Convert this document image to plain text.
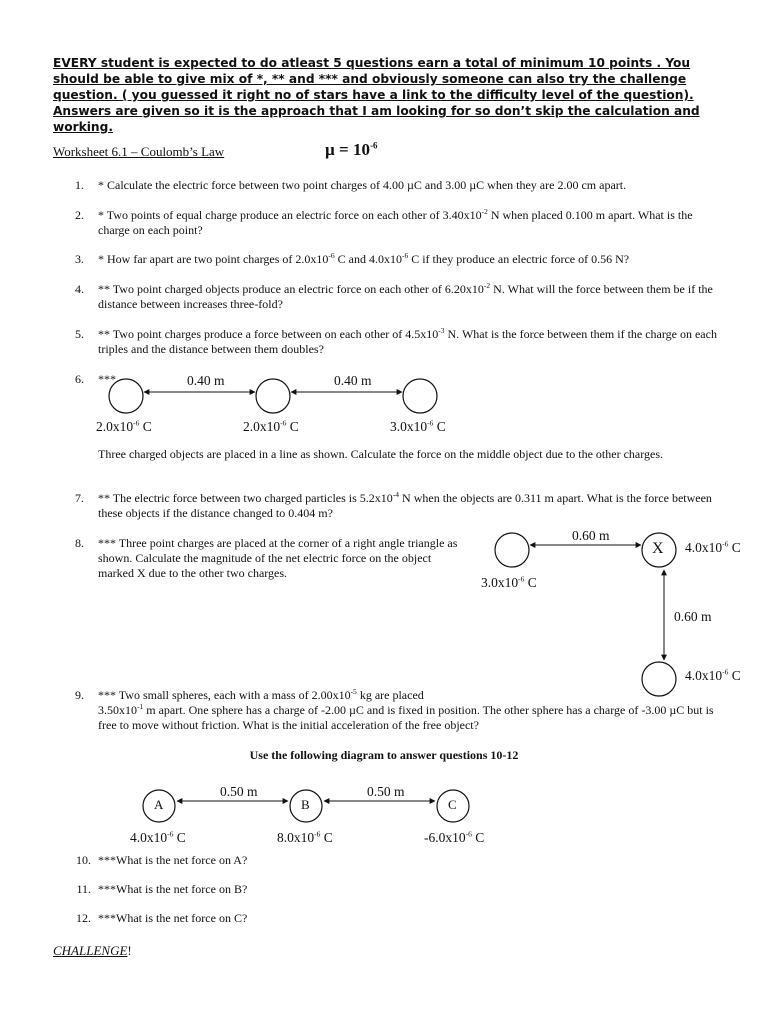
EVERY student is expected to do atleast 5 questions earn a total of minimum 10 points . You should be able to give mix of *, ** and *** and obviously someone can also try the challenge question. ( you guessed it right no of stars have a link to the difficulty level of the question). Answers are given so it is the approach that I am looking for so don’t skip the calculation and working.
Worksheet 6.1 – Coulomb’s Law	$\mu = 10^{-6}$
1. * Calculate the electric force between two point charges of 4.00 µC and 3.00 µC when they are 2.00 cm apart.
2. * Two points of equal charge produce an electric force on each other of $3.40x10^{-2}$ N when placed 0.100 m apart. What is the charge on each point?
3. * How far apart are two point charges of $2.0x10^{-6}$ C and $4.0x10^{-6}$ C if they produce an electric force of 0.56 N?
4. ** Two point charged objects produce an electric force on each other of $6.20x10^{-2}$ N. What will the force between them be if the distance between increases three-fold?
5. ** Two point charges produce a force between on each other of $4.5x10^{-3}$ N. What is the force between them if the charge on each triples and the distance between them doubles?
6. ***
Three charged objects are placed in a line as shown. Calculate the force on the middle object due to the other charges.
7. ** The electric force between two charged particles is $5.2x10^{-4}$ N when the objects are 0.311 m apart. What is the force between these objects if the distance changed to 0.404 m?
8. *** Three point charges are placed at the corner of a right angle triangle as shown. Calculate the magnitude of the net electric force on the object marked X due to the other two charges.
9. *** Two small spheres, each with a mass of $2.00x10^{-5}$ kg are placed
$3.50x10^{-1}$ m apart. One sphere has a charge of -2.00 µC and is fixed in position. The other sphere has a charge of -3.00 µC but is free to move without friction. What is the initial acceleration of the free object?
Use the following diagram to answer questions 10-12
10. ***What is the net force on A?
11. ***What is the net force on B?
12. ***What is the net force on C?
CHALLENGE!
0.40 m	0.40 m
$2.0x10^{-6}$ C	$2.0x10^{-6}$ C	$3.0x10^{-6}$ C
0.60 m
0.60 m
X $4.0x10^{-6}$ C
$3.0x10^{-6}$ C
$4.0x10^{-6}$ C
A	B	C
0.50 m	0.50 m
$4.0x10^{-6}$ C	$8.0x10^{-6}$ C	$-6.0x10^{-6}$ C
